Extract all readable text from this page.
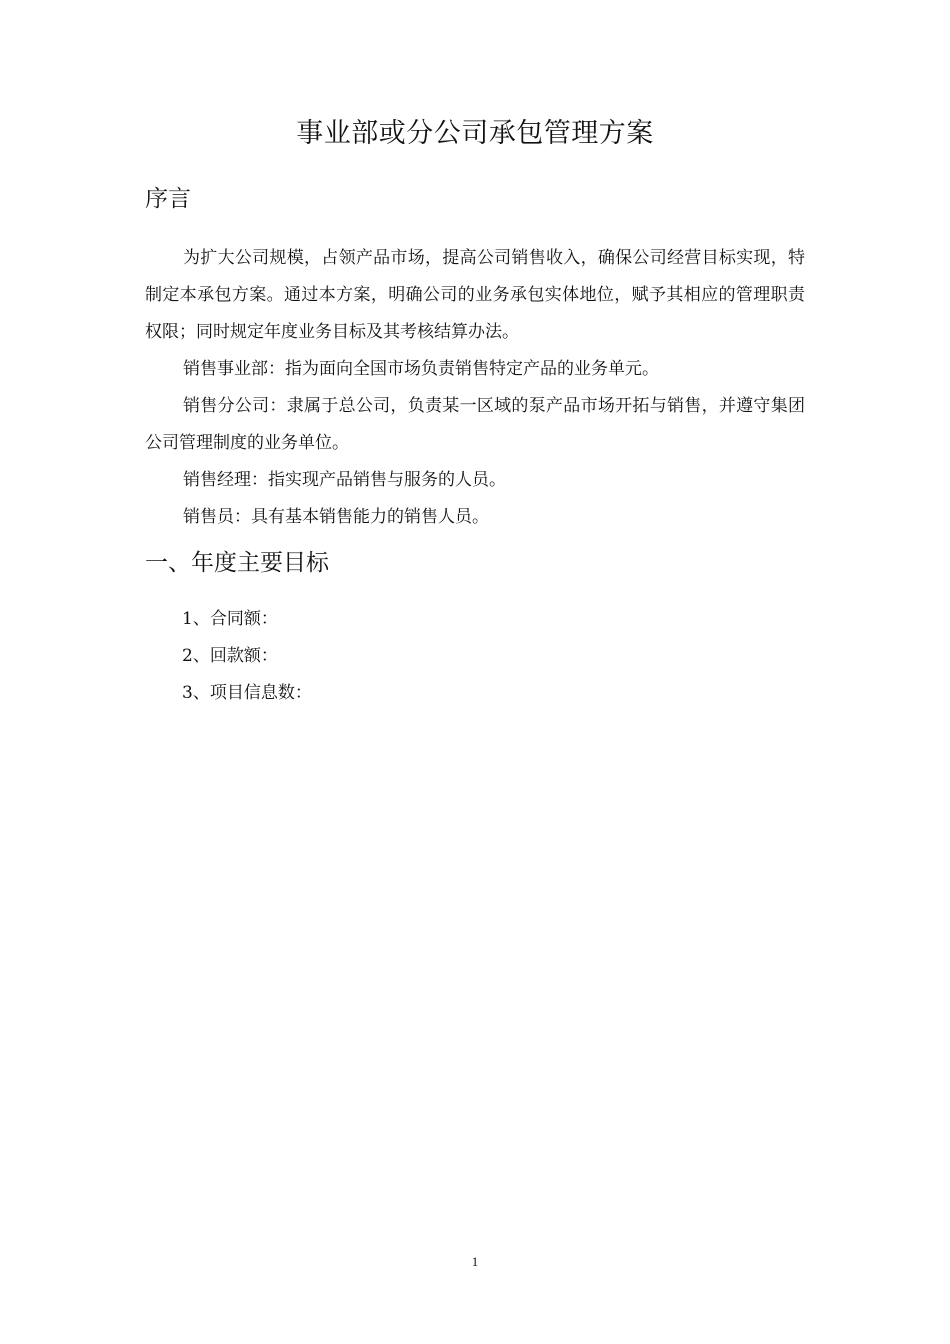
事业部或分公司承包管理方案
序言

为扩大公司规模，占领产品市场，提高公司销售收入，确保公司经营目标实现，特制定本承包方案。通过本方案，明确公司的业务承包实体地位，赋予其相应的管理职责权限；同时规定年度业务目标及其考核结算办法。

销售事业部：指为面向全国市场负责销售特定产品的业务单元。

销售分公司：隶属于总公司，负责某一区域的泵产品市场开拓与销售，并遵守集团公司管理制度的业务单位。

销售经理：指实现产品销售与服务的人员。

销售员：具有基本销售能力的销售人员。

一、年度主要目标
1、合同额：
2、回款额：
3、项目信息数：
1
